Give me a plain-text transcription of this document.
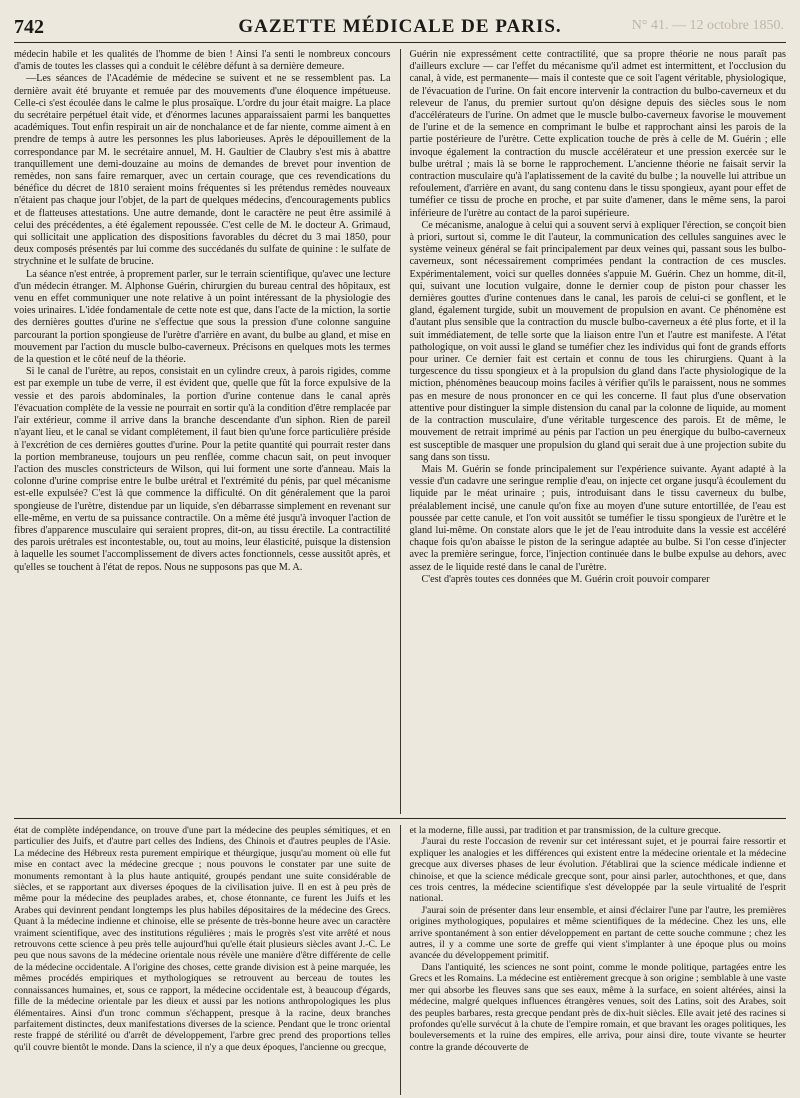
742	GAZETTE MÉDICALE DE PARIS.	N° 41. — 12 octobre 1850.

médecin habile et les qualités de l'homme de bien ! Ainsi l'a senti le nombreux concours d'amis de toutes les classes qui a conduit le célèbre défunt à sa dernière demeure.

—Les séances de l'Académie de médecine se suivent et ne se ressemblent pas. La dernière avait été bruyante et remuée par des mouvements d'une éloquence impétueuse. Celle-ci s'est écoulée dans le calme le plus prosaïque. L'ordre du jour était maigre. La place du secrétaire perpétuel était vide, et d'énormes lacunes apparaissaient parmi les banquettes académiques. Tout enfin respirait un air de nonchalance et de far niente, comme aiment à en prendre de temps à autre les personnes les plus laborieuses. Après le dépouillement de la correspondance par M. le secrétaire annuel, M. H. Gaultier de Claubry s'est mis à abattre tranquillement une demi-douzaine au moins de demandes de brevet pour invention de remèdes, non sans faire remarquer, avec un certain courage, que ces revendications du bénéfice du décret de 1810 seraient moins fréquentes si les prétendus remèdes nouveaux n'étaient pas chaque jour l'objet, de la part de quelques médecins, d'encouragements publics et de flatteuses attestations. Une autre demande, dont le caractère ne peut être assimilé à celui des précédentes, a été également repoussée. C'est celle de M. le docteur A. Grimaud, qui sollicitait une application des dispositions favorables du décret du 3 mai 1850, pour deux composés présentés par lui comme des succédanés du sulfate de quinine : le sulfate de strychnine et le sulfate de brucine.

La séance n'est entrée, à proprement parler, sur le terrain scientifique, qu'avec une lecture d'un médecin étranger. M. Alphonse Guérin, chirurgien du bureau central des hôpitaux, est venu en effet communiquer une note relative à un point intéressant de la physiologie des voies urinaires. L'idée fondamentale de cette note est que, dans l'acte de la miction, la sortie des dernières gouttes d'urine ne s'effectue que sous la pression d'une colonne sanguine parcourant la portion spongieuse de l'urètre d'arrière en avant, du bulbe au gland, et mise en mouvement par l'action du muscle bulbo-caverneux. Précisons en quelques mots les termes de la question et le côté neuf de la théorie.

Si le canal de l'urètre, au repos, consistait en un cylindre creux, à parois rigides, comme est par exemple un tube de verre, il est évident que, quelle que fût la force expulsive de la vessie et des parois abdominales, la portion d'urine contenue dans le canal après l'évacuation complète de la vessie ne pourrait en sortir qu'à la condition d'être remplacée par l'air extérieur, comme il arrive dans la branche descendante d'un siphon. Rien de pareil n'ayant lieu, et le canal se vidant complétement, il faut bien qu'une force particulière préside à l'excrétion de ces dernières gouttes d'urine. Pour la petite quantité qui pourrait rester dans la portion membraneuse, toujours un peu renflée, comme chacun sait, on peut invoquer l'action des muscles constricteurs de Wilson, qui lui forment une sorte d'anneau. Mais la colonne d'urine comprise entre le bulbe urétral et l'extrémité du pénis, par quel mécanisme est-elle expulsée? C'est là que commence la difficulté. On dit généralement que la paroi spongieuse de l'urètre, distendue par un liquide, s'en débarrasse simplement en revenant sur elle-même, en vertu de sa puissance contractile. On a même été jusqu'à invoquer l'action de fibres d'apparence musculaire qui seraient propres, dit-on, au tissu érectile. La contractilité des parois urétrales est incontestable, ou, tout au moins, leur élasticité, puisque la distension à laquelle les soumet l'accomplissement de divers actes fonctionnels, cesse aussitôt après, et qu'elles se touchent à l'état de repos. Nous ne supposons pas que M. A.

Guérin nie expressément cette contractilité, que sa propre théorie ne nous paraît pas d'ailleurs exclure — car l'effet du mécanisme qu'il admet est intermittent, et l'occlusion du canal, à vide, est permanente— mais il conteste que ce soit l'agent véritable, physiologique, de l'évacuation de l'urine. On fait encore intervenir la contraction du bulbo-caverneux et du releveur de l'anus, du premier surtout qu'on désigne depuis des siècles sous le nom d'accélérateurs de l'urine. On admet que le muscle bulbo-caverneux favorise le mouvement de l'urine et de la semence en comprimant le bulbe et rapprochant ainsi les parois de la partie postérieure de l'urètre. Cette explication touche de près à celle de M. Guérin ; elle invoque également la contraction du muscle accélérateur et une pression exercée sur le bulbe urétral ; mais là se borne le rapprochement. L'ancienne théorie ne faisait servir la contraction musculaire qu'à l'aplatissement de la cavité du bulbe ; la nouvelle lui attribue un refoulement, d'arrière en avant, du sang contenu dans le tissu spongieux, ayant pour effet de tuméfier ce tissu de proche en proche, et par suite d'amener, dans le même sens, la paroi inférieure de l'urètre au contact de la paroi supérieure.

Ce mécanisme, analogue à celui qui a souvent servi à expliquer l'érection, se conçoit bien à priori, surtout si, comme le dit l'auteur, la communication des cellules sanguines avec le système veineux général se fait principalement par deux veines qui, passant sous les bulbo-caverneux, sont nécessairement comprimées pendant la contraction de ces muscles. Expérimentalement, voici sur quelles données s'appuie M. Guérin. Chez un homme, dit-il, qui, suivant une locution vulgaire, donne le dernier coup de piston pour chasser les dernières gouttes d'urine contenues dans le canal, les parois de celui-ci se gonflent, et le gland, également turgide, subit un mouvement de propulsion en avant. Ce phénomène est d'autant plus sensible que la contraction du muscle bulbo-caverneux a été plus forte, et il la suit immédiatement, de telle sorte que la liaison entre l'un et l'autre est manifeste. A l'état pathologique, on voit aussi le gland se tuméfier chez les individus qui font de grands efforts pour uriner. Ce dernier fait est certain et connu de tous les chirurgiens. Quant à la turgescence du tissu spongieux et à la propulsion du gland dans l'acte physiologique de la miction, phénomènes beaucoup moins faciles à vérifier qu'ils le paraissent, nous ne sommes pas en mesure de nous prononcer en ce qui les concerne. Il faut plus d'une observation attentive pour distinguer la simple distension du canal par la colonne de liquide, au moment de la contraction musculaire, d'une véritable turgescence des parois. Et de même, le mouvement de retrait imprimé au pénis par l'action un peu énergique du bulbo-caverneux est susceptible de masquer une propulsion du gland qui serait due à une projection subite du sang dans son tissu.

Mais M. Guérin se fonde principalement sur l'expérience suivante. Ayant adapté à la vessie d'un cadavre une seringue remplie d'eau, on injecte cet organe jusqu'à écoulement du liquide par le méat urinaire ; puis, introduisant dans le tissu caverneux du bulbe, préalablement incisé, une canule qu'on fixe au moyen d'une suture entortillée, de l'eau est poussée par cette canule, et l'on voit aussitôt se tuméfier le tissu spongieux de l'urètre et le gland lui-même. On constate alors que le jet de l'eau introduite dans la vessie est accéléré chaque fois qu'on abaisse le piston de la seringue adaptée au bulbe. Si l'on cesse d'injecter avec la première seringue, force, l'injection continuée dans le bulbe expulse au dehors, avec assez de le liquide resté dans le canal de l'urètre.

C'est d'après toutes ces données que M. Guérin croit pouvoir comparer

état de complète indépendance, on trouve d'une part la médecine des peuples sémitiques, et en particulier des Juifs, et d'autre part celles des Indiens, des Chinois et d'autres peuples de l'Asie. La médecine des Hébreux resta purement empirique et théurgique, jusqu'au moment où elle fut mise en contact avec la médecine grecque ; nous pouvons le constater par une suite de monuments remontant à la plus haute antiquité, groupés pendant une suite considérable de siècles, et se rapportant aux diverses époques de la civilisation juive. Il en est à peu près de même pour la médecine des peuplades arabes, et, chose étonnante, ce furent les Juifs et les Arabes qui devinrent pendant longtemps les plus habiles dépositaires de la médecine des Grecs. Quant à la médecine indienne et chinoise, elle se présente de très-bonne heure avec un caractère vraiment scientifique, avec des institutions régulières ; mais le progrès s'est vite arrêté et nous retrouvons cette science à peu près telle aujourd'hui qu'elle était plusieurs siècles avant J.-C. Le peu que nous savons de la médecine orientale nous révèle une manière d'être différente de celle de la médecine occidentale. A l'origine des choses, cette grande division est à peine marquée, les mêmes procédés empiriques et mythologiques se retrouvent au berceau de toutes les connaissances humaines, et, sous ce rapport, la médecine occidentale est, à beaucoup d'égards, fille de la médecine orientale par les dieux et aussi par les notions anthropologiques les plus élémentaires. Ainsi d'un tronc commun s'échappent, presque à la racine, deux branches parfaitement distinctes, deux manifestations diverses de la science. Pendant que le tronc oriental reste frappé de stérilité ou d'arrêt de développement, l'arbre grec prend des proportions telles qu'il couvre bientôt le monde. Dans la science, il n'y a que deux époques, l'ancienne ou grecque,

et la moderne, fille aussi, par tradition et par transmission, de la culture grecque.

J'aurai du reste l'occasion de revenir sur cet intéressant sujet, et je pourrai faire ressortir et expliquer les analogies et les différences qui existent entre la médecine orientale et la médecine grecque aux diverses phases de leur évolution. J'établirai que la science médicale indienne et chinoise, et que la science médicale grecque sont, pour ainsi parler, autochthones, et que, dans ces trois centres, la médecine scientifique s'est développée par la seule virtualité de l'esprit national.

J'aurai soin de présenter dans leur ensemble, et ainsi d'éclairer l'une par l'autre, les premières origines mythologiques, populaires et même scientifiques de la médecine. Chez les uns, elle arrive spontanément à son entier développement en partant de cette souche commune ; chez les autres, il y a comme une sorte de greffe qui vient s'implanter à une époque plus ou moins avancée du développement primitif.

Dans l'antiquité, les sciences ne sont point, comme le monde politique, partagées entre les Grecs et les Romains. La médecine est entièrement grecque à son origine ; semblable à une vaste mer qui absorbe les fleuves sans que ses eaux, même à la surface, en soient altérées, ainsi la médecine, malgré quelques influences étrangères venues, soit des Latins, soit des Arabes, soit des peuples barbares, resta grecque pendant près de dix-huit siècles. Elle avait jeté des racines si profondes qu'elle survécut à la chute de l'empire romain, et que bravant les orages politiques, les bouleversements et la ruine des empires, elle arriva, pour ainsi dire, toute vivante se heurter contre la grande découverte de
